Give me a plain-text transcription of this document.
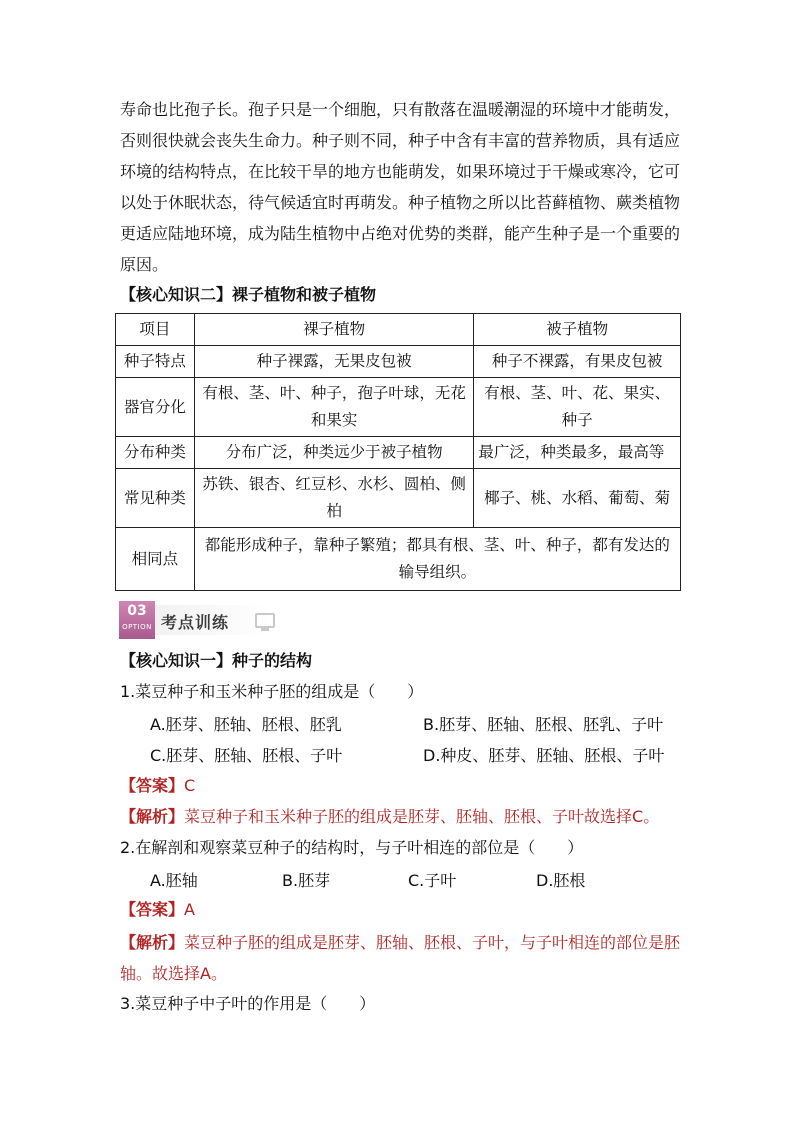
寿命也比孢子长。孢子只是一个细胞，只有散落在温暖潮湿的环境中才能萌发，否则很快就会丧失生命力。种子则不同，种子中含有丰富的营养物质，具有适应环境的结构特点，在比较干旱的地方也能萌发，如果环境过于干燥或寒冷，它可以处于休眠状态，待气候适宜时再萌发。种子植物之所以比苔藓植物、蕨类植物更适应陆地环境，成为陆生植物中占绝对优势的类群，能产生种子是一个重要的原因。
【核心知识二】裸子植物和被子植物
项目	裸子植物	被子植物
种子特点	种子裸露，无果皮包被	种子不裸露，有果皮包被
器官分化	有根、茎、叶、种子，孢子叶球，无花和果实	有根、茎、叶、花、果实、种子
分布种类	分布广泛，种类远少于被子植物	最广泛，种类最多，最高等
常见种类	苏铁、银杏、红豆杉、水杉、圆柏、侧柏	椰子、桃、水稻、葡萄、菊
相同点	都能形成种子，靠种子繁殖；都具有根、茎、叶、种子，都有发达的输导组织。	
03
OPTION 考点训练
【核心知识一】种子的结构
1.菜豆种子和玉米种子胚的组成是（　　）
A.胚芽、胚轴、胚根、胚乳	B.胚芽、胚轴、胚根、胚乳、子叶
C.胚芽、胚轴、胚根、子叶	D.种皮、胚芽、胚轴、胚根、子叶
【答案】C
【解析】菜豆种子和玉米种子胚的组成是胚芽、胚轴、胚根、子叶故选择C。
2.在解剖和观察菜豆种子的结构时，与子叶相连的部位是（　　）
A.胚轴	B.胚芽	C.子叶	D.胚根
【答案】A
【解析】菜豆种子胚的组成是胚芽、胚轴、胚根、子叶，与子叶相连的部位是胚轴。故选择A。
3.菜豆种子中子叶的作用是（　　）
